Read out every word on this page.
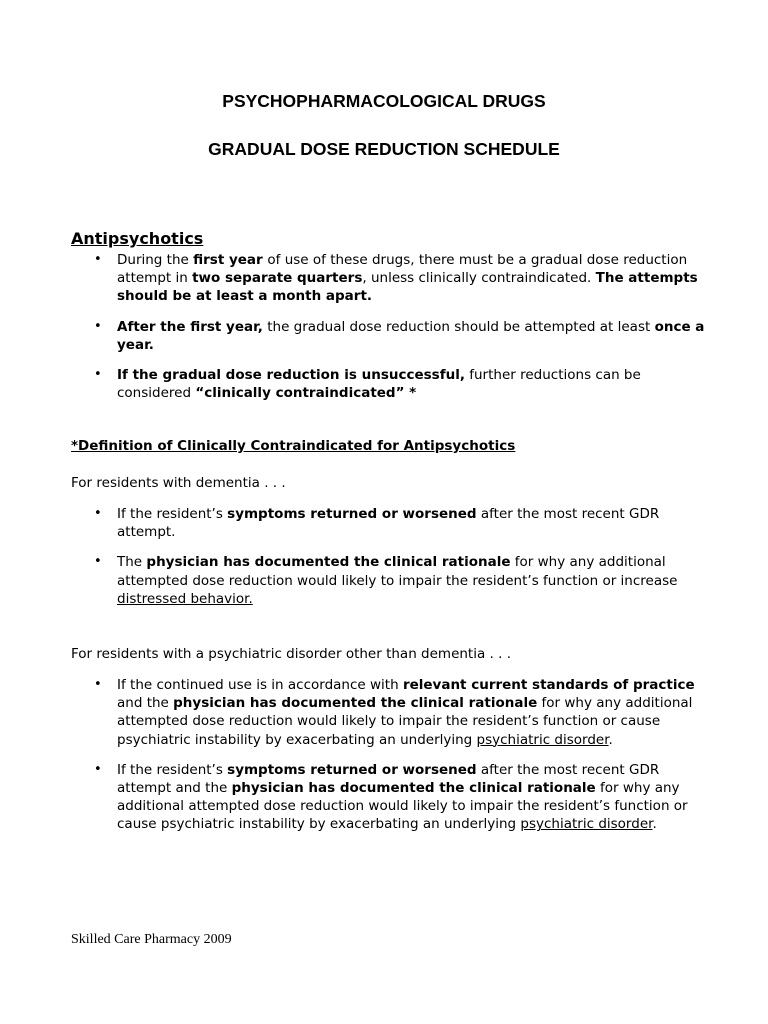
PSYCHOPHARMACOLOGICAL DRUGS
GRADUAL DOSE REDUCTION SCHEDULE
Antipsychotics
• During the first year of use of these drugs, there must be a gradual dose reduction
attempt in two separate quarters, unless clinically contraindicated. The attempts
should be at least a month apart.
• After the first year, the gradual dose reduction should be attempted at least once a
year.
• If the gradual dose reduction is unsuccessful, further reductions can be
considered “clinically contraindicated” *
*Definition of Clinically Contraindicated for Antipsychotics

For residents with dementia . . .

• If the resident’s symptoms returned or worsened after the most recent GDR
attempt.
• The physician has documented the clinical rationale for why any additional
attempted dose reduction would likely to impair the resident’s function or increase
distressed behavior.

For residents with a psychiatric disorder other than dementia . . .

• If the continued use is in accordance with relevant current standards of practice
and the physician has documented the clinical rationale for why any additional
attempted dose reduction would likely to impair the resident’s function or cause
psychiatric instability by exacerbating an underlying psychiatric disorder.
• If the resident’s symptoms returned or worsened after the most recent GDR
attempt and the physician has documented the clinical rationale for why any
additional attempted dose reduction would likely to impair the resident’s function or
cause psychiatric instability by exacerbating an underlying psychiatric disorder.

Skilled Care Pharmacy 2009
